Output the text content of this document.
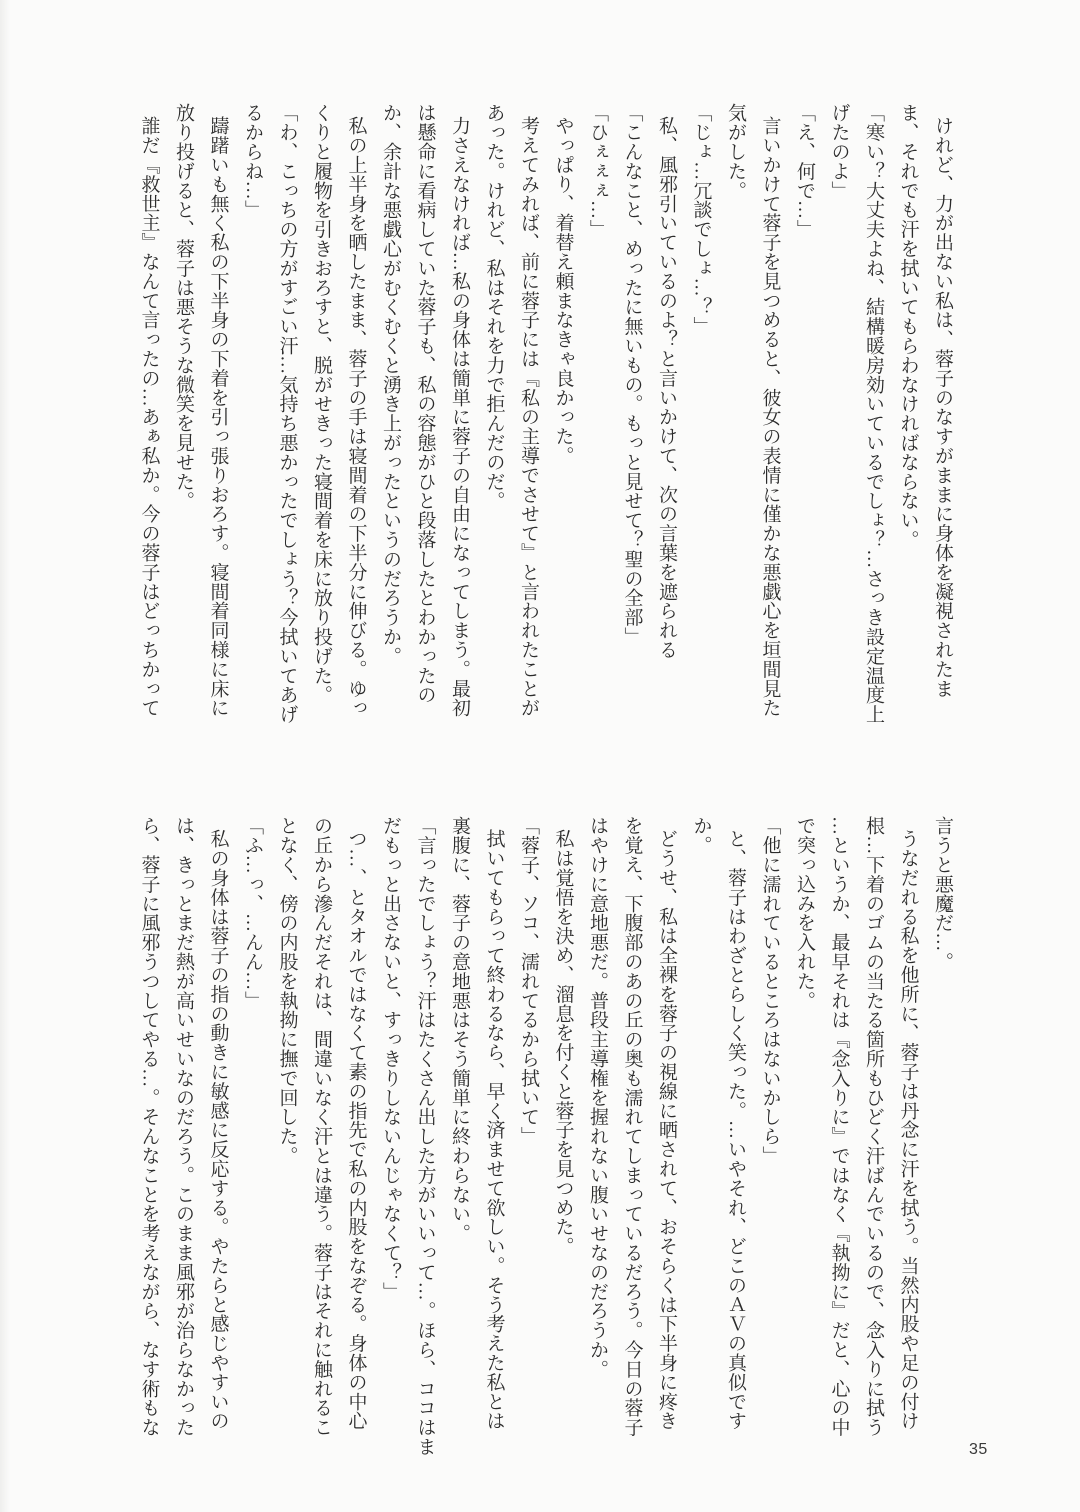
けれど、力が出ない私は、蓉子のなすがままに身体を凝視されたま

ま、それでも汗を拭いてもらわなければならない。

「寒い？大丈夫よね、結構暖房効いているでしょ？…さっき設定温度上

げたのよ」

「え、何で…」

言いかけて蓉子を見つめると、彼女の表情に僅かな悪戯心を垣間見た

気がした。

「じょ…冗談でしょ…？」

私、風邪引いているのよ？と言いかけて、次の言葉を遮られる

「こんなこと、めったに無いもの。もっと見せて？聖の全部」

「ひぇぇぇ…」

やっぱり、着替え頼まなきゃ良かった。

考えてみれば、前に蓉子には『私の主導でさせて』と言われたことが

あった。けれど、私はそれを力で拒んだのだ。

力さえなければ…私の身体は簡単に蓉子の自由になってしまう。最初

は懸命に看病していた蓉子も、私の容態がひと段落したとわかったの

か、余計な悪戯心がむくむくと湧き上がったというのだろうか。

私の上半身を晒したまま、蓉子の手は寝間着の下半分に伸びる。ゆっ

くりと履物を引きおろすと、脱がせきった寝間着を床に放り投げた。

「わ、こっちの方がすごい汗…気持ち悪かったでしょう？今拭いてあげ

るからね…」

躊躇いも無く私の下半身の下着を引っ張りおろす。寝間着同様に床に

放り投げると、蓉子は悪そうな微笑を見せた。

誰だ『救世主』なんて言ったの…あぁ私か。今の蓉子はどっちかって

言うと悪魔だ…。

うなだれる私を他所に、蓉子は丹念に汗を拭う。当然内股や足の付け

根…下着のゴムの当たる箇所もひどく汗ばんでいるので、念入りに拭う

…というか、最早それは『念入りに』ではなく『執拗に』だと、心の中

で突っ込みを入れた。

「他に濡れているところはないかしら」

と、蓉子はわざとらしく笑った。…いやそれ、どこのＡＶの真似です

か。

どうせ、私は全裸を蓉子の視線に晒されて、おそらくは下半身に疼き

を覚え、下腹部のあの丘の奥も濡れてしまっているだろう。今日の蓉子

はやけに意地悪だ。普段主導権を握れない腹いせなのだろうか。

私は覚悟を決め、溜息を付くと蓉子を見つめた。

「蓉子、ソコ、濡れてるから拭いて」

拭いてもらって終わるなら、早く済ませて欲しい。そう考えた私とは

裏腹に、蓉子の意地悪はそう簡単に終わらない。

「言ったでしょう？汗はたくさん出した方がいいって…。ほら、ココはま

だもっと出さないと、すっきりしないんじゃなくて？」

つ…、とタオルではなくて素の指先で私の内股をなぞる。身体の中心

の丘から滲んだそれは、間違いなく汗とは違う。蓉子はそれに触れるこ

となく、傍の内股を執拗に撫で回した。

「ふ…っ、…んん…」

私の身体は蓉子の指の動きに敏感に反応する。やたらと感じやすいの

は、きっとまだ熱が高いせいなのだろう。このまま風邪が治らなかった

ら、蓉子に風邪うつしてやる…。そんなことを考えながら、なす術もな

35
